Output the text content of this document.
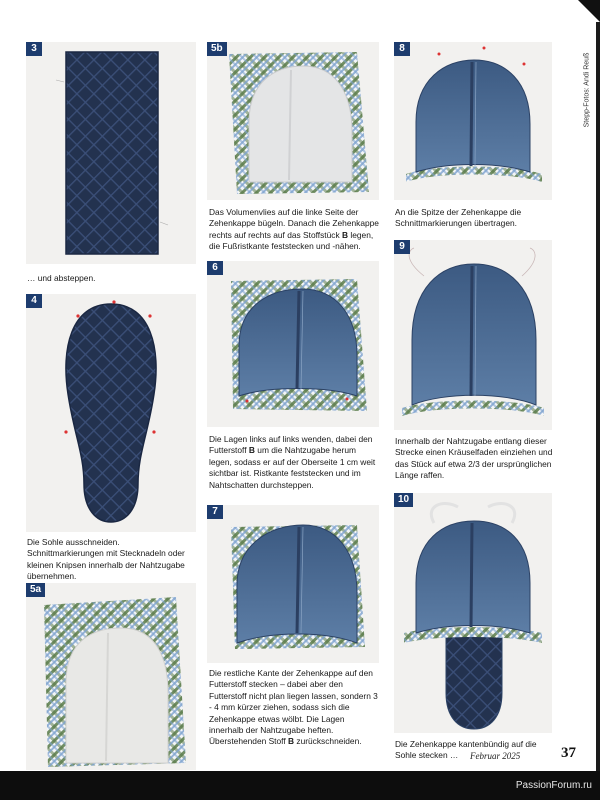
3
… und absteppen.
4
Die Sohle ausschneiden. Schnittmarkierungen mit Stecknadeln oder kleinen Knipsen innerhalb der Nahtzugabe übernehmen.
5a
5b
Das Volumenvlies auf die linke Seite der Zehenkappe bügeln. Danach die Zehenkappe rechts auf rechts auf das Stoffstück B legen, die Fußristkante feststecken und -nähen.
6
Die Lagen links auf links wenden, dabei den Futterstoff B um die Nahtzugabe herum legen, sodass er auf der Oberseite 1 cm weit sichtbar ist. Ristkante feststecken und im Nahtschatten durchsteppen.
7
Die restliche Kante der Zehenkappe auf den Futterstoff stecken – dabei aber den Futterstoff nicht plan liegen lassen, sondern 3 - 4 mm kürzer ziehen, sodass sich die Zehenkappe etwas wölbt. Die Lagen innerhalb der Nahtzugabe heften. Überstehenden Stoff B zurückschneiden.
8
An die Spitze der Zehenkappe die Schnittmarkierungen übertragen.
9
Innerhalb der Nahtzugabe entlang dieser Strecke einen Kräuselfaden einziehen und das Stück auf etwa 2/3 der ursprünglichen Länge raffen.
10
Die Zehenkappe kantenbündig auf die Sohle stecken …
Stepp-Fotos: Andi Reuß
Februar 2025	37
PassionForum.ru
